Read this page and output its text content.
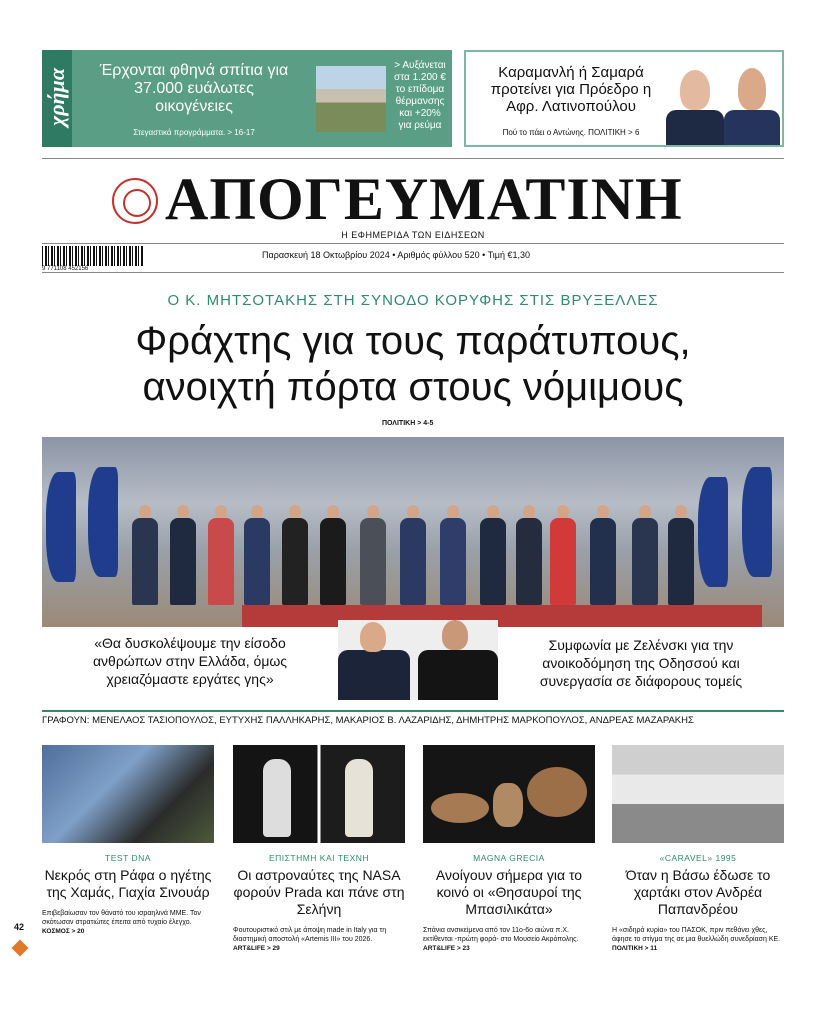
χρήμα	Έρχονται φθηνά σπίτια για 37.000 ευάλωτες οικογένειες
Στεγαστικά προγράμματα. > 16-17
> Αυξάνεται στα 1.200 € το επίδομα θέρμανσης και +20% για ρεύμα
Καραμανλή ή Σαμαρά προτείνει για Πρόεδρο η Αφρ. Λατινοπούλου
Πού το πάει ο Αντώνης. ΠΟΛΙΤΙΚΗ > 6
ΑΠΟΓΕΥΜΑΤΙΝΗ
Η ΕΦΗΜΕΡΙΔΑ ΤΩΝ ΕΙΔΗΣΕΩΝ
9 771108 452156
Παρασκευή 18 Οκτωβρίου 2024 • Αριθμός φύλλου 520 • Τιμή €1,30
Ο Κ. ΜΗΤΣΟΤΑΚΗΣ ΣΤΗ ΣΥΝΟΔΟ ΚΟΡΥΦΗΣ ΣΤΙΣ ΒΡΥΞΕΛΛΕΣ
Φράχτης για τους παράτυπους,
ανοιχτή πόρτα στους νόμιμους
ΠΟΛΙΤΙΚΗ > 4-5
«Θα δυσκολέψουμε την είσοδο ανθρώπων στην Ελλάδα, όμως χρειαζόμαστε εργάτες γης»
Συμφωνία με Ζελένσκι για την ανοικοδόμηση της Οδησσού και συνεργασία σε διάφορους τομείς
ΓΡΑΦΟΥΝ: ΜΕΝΕΛΑΟΣ ΤΑΣΙΟΠΟΥΛΟΣ, ΕΥΤΥΧΗΣ ΠΑΛΛΗΚΑΡΗΣ, ΜΑΚΑΡΙΟΣ Β. ΛΑΖΑΡΙΔΗΣ, ΔΗΜΗΤΡΗΣ ΜΑΡΚΟΠΟΥΛΟΣ, ΑΝΔΡΕΑΣ ΜΑΖΑΡΑΚΗΣ
TEST DNA
Νεκρός στη Ράφα ο ηγέτης της Χαμάς, Γιαχία Σινουάρ
Επιβεβαίωσαν τον θάνατό του ισραηλινά ΜΜΕ. Τον σκότωσαν στρατιώτες έπειτα από τυχαίο έλεγχο. ΚΟΣΜΟΣ > 20
ΕΠΙΣΤΗΜΗ ΚΑΙ ΤΕΧΝΗ
Οι αστροναύτες της NASA φορούν Prada και πάνε στη Σελήνη
Φουτουριστικό στιλ με άποψη made in Italy για τη διαστημική αποστολή «Artemis III» του 2026. ART&LIFE > 29
MAGNA GRECIA
Ανοίγουν σήμερα για το κοινό οι «Θησαυροί της Μπασιλικάτα»
Σπάνια ανσικείμενα από τον 11ο-6ο αιώνα π.Χ. εκτίθενται -πρώτη φορά- στο Μουσείο Ακρόπολης. ART&LIFE > 23
«CARAVEL» 1995
Όταν η Βάσω έδωσε το χαρτάκι στον Ανδρέα Παπανδρέου
Η «σιδηρά κυρία» του ΠΑΣΟΚ, πριν πεθάνει χθες, άφησε το στίγμα της σε μια θυελλώδη συνεδρίαση ΚΕ. ΠΟΛΙΤΙΚΗ > 11
42
